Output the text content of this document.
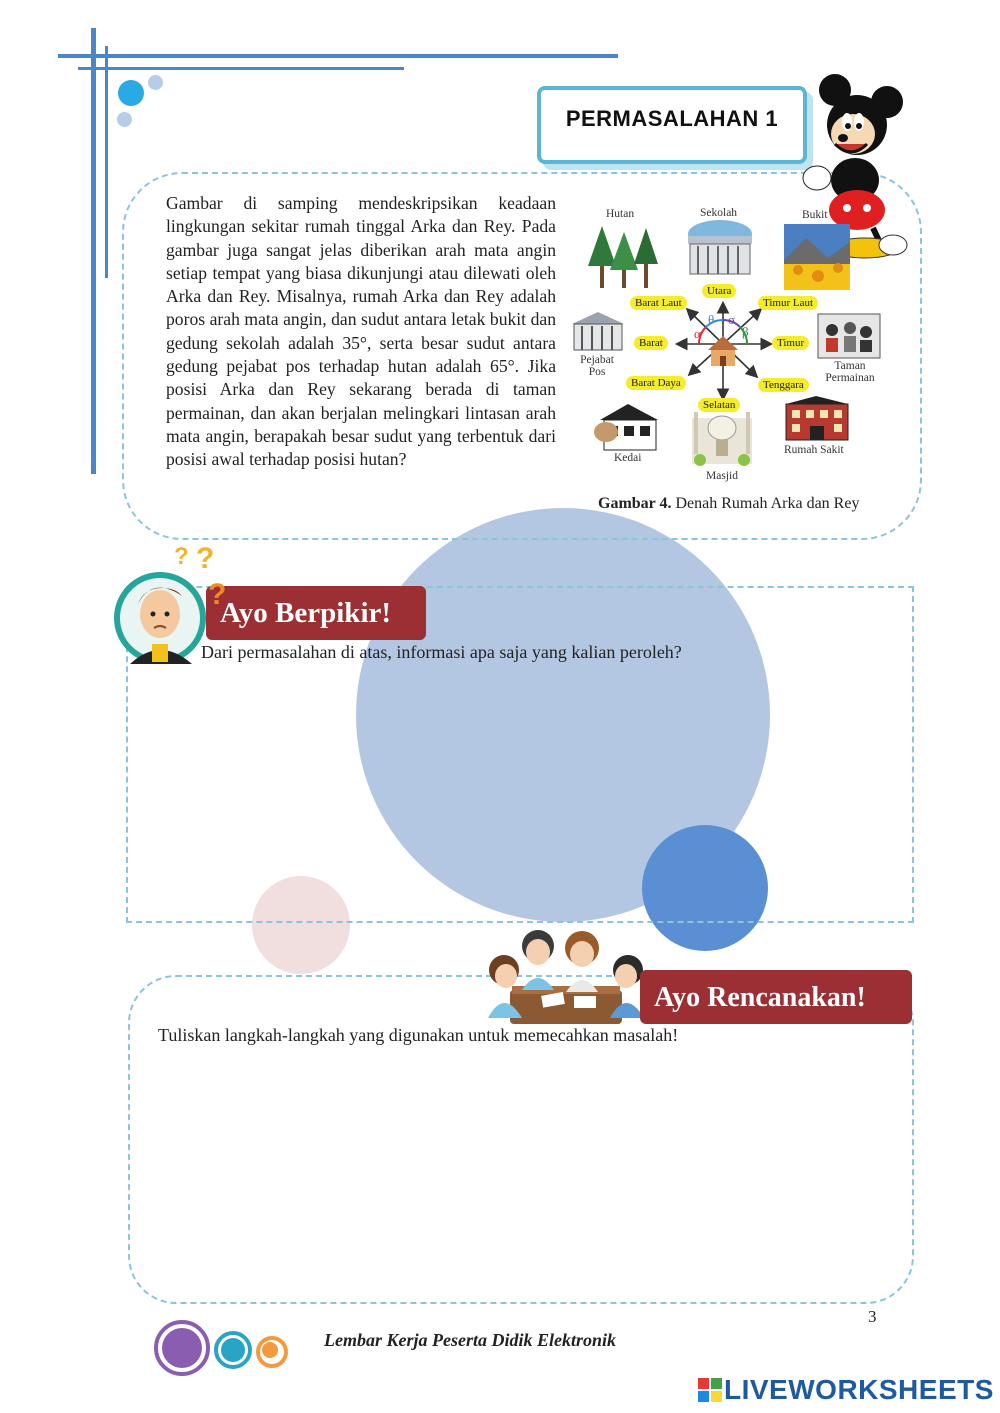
PERMASALAHAN 1
Gambar di samping mendeskripsikan keadaan lingkungan sekitar rumah tinggal Arka dan Rey. Pada gambar juga sangat jelas diberikan arah mata angin setiap tempat yang biasa dikunjungi atau dilewati oleh Arka dan Rey. Misalnya, rumah Arka dan Rey adalah poros arah mata angin, dan sudut antara letak bukit dan gedung sekolah adalah 35°, serta besar sudut antara gedung pejabat pos terhadap hutan adalah 65°. Jika posisi Arka dan Rey sekarang berada di taman permainan, dan akan berjalan melingkari lintasan arah mata angin, berapakah besar sudut yang terbentuk dari posisi awal terhadap posisi hutan?
Hutan	Sekolah	Bukit
Pejabat Pos	Taman Permainan
Kedai
Masjid
Rumah Sakit
Utara
Barat Laut	Timur Laut
Barat	Timur
Barat Daya	Tenggara
Selatan
α
θ σ
β
Gambar 4. Denah Rumah Arka dan Rey
Ayo Berpikir!
? ?
?
Dari permasalahan di atas, informasi apa saja yang kalian peroleh?
Ayo Rencanakan!
Tuliskan langkah-langkah yang digunakan untuk memecahkan masalah!
3
Lembar Kerja Peserta Didik Elektronik
LIVEWORKSHEETS
